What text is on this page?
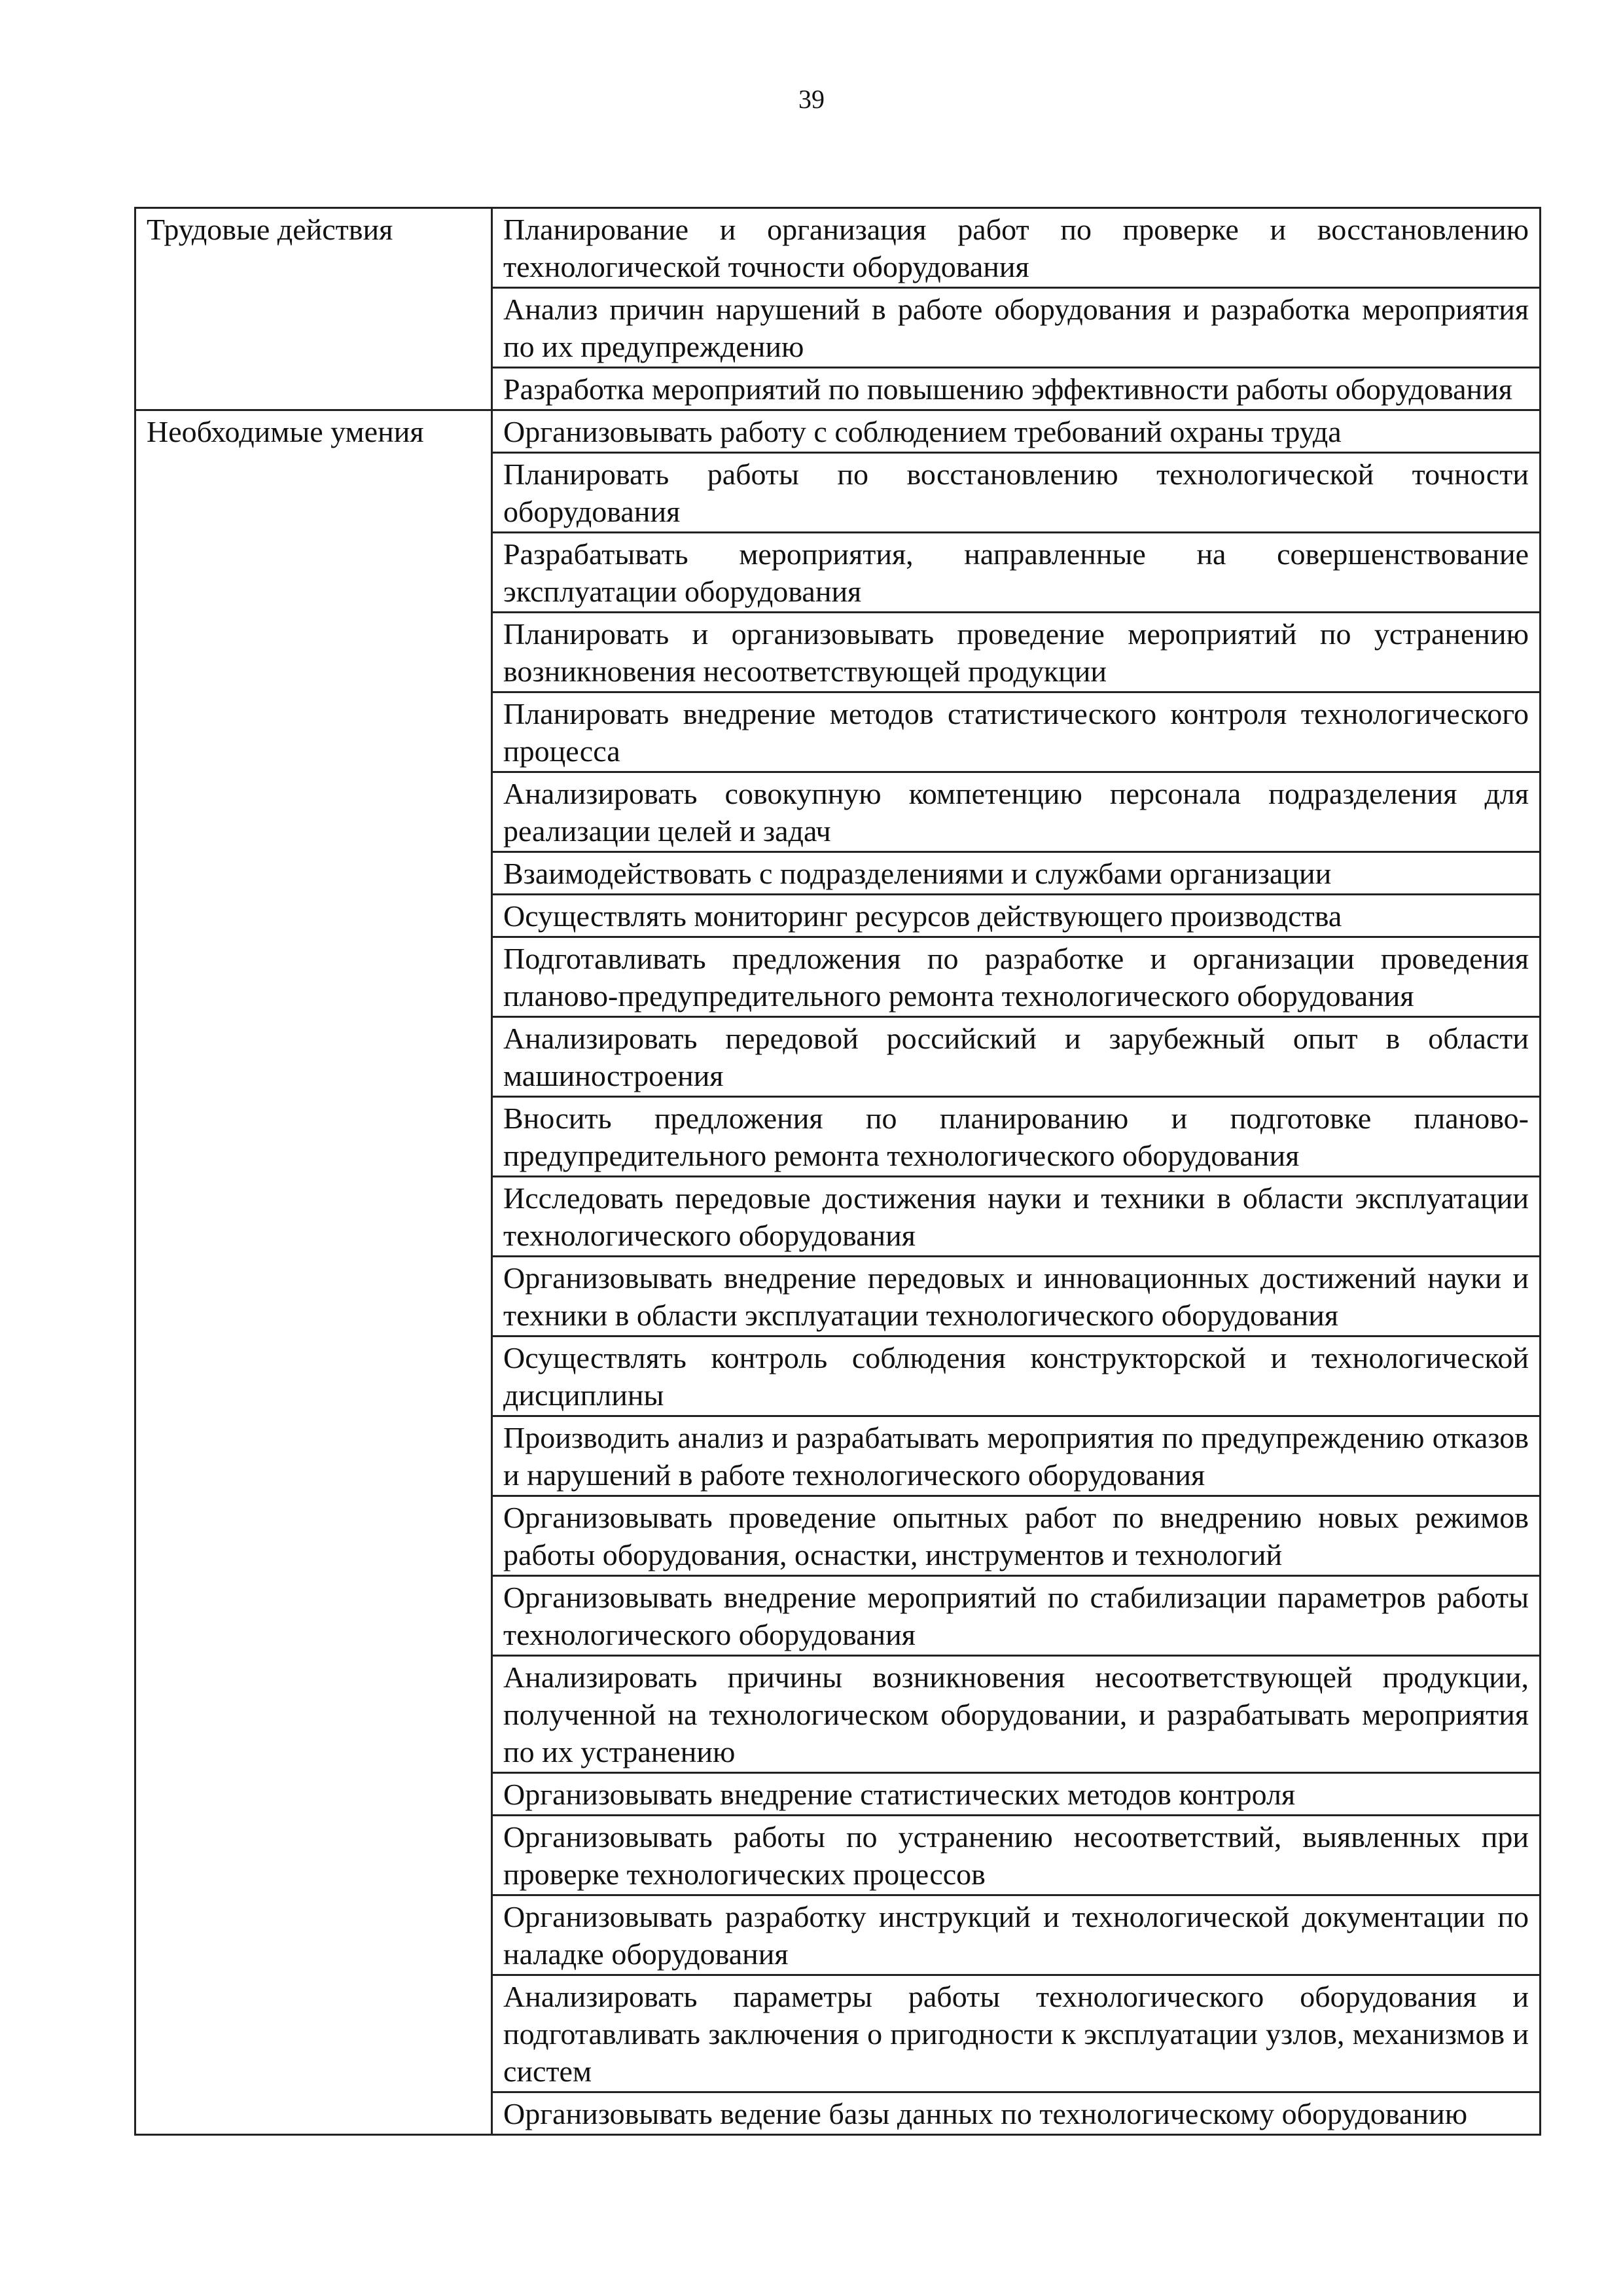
39
Трудовые действия	Планирование и организация работ по проверке и восстановлению технологической точности оборудования
	Анализ причин нарушений в работе оборудования и разработка мероприятия по их предупреждению
	Разработка мероприятий по повышению эффективности работы оборудования
Необходимые умения	Организовывать работу с соблюдением требований охраны труда
	Планировать работы по восстановлению технологической точности оборудования
	Разрабатывать мероприятия, направленные на совершенствование эксплуатации оборудования
	Планировать и организовывать проведение мероприятий по устранению возникновения несоответствующей продукции
	Планировать внедрение методов статистического контроля технологического процесса
	Анализировать совокупную компетенцию персонала подразделения для реализации целей и задач
	Взаимодействовать с подразделениями и службами организации
	Осуществлять мониторинг ресурсов действующего производства
	Подготавливать предложения по разработке и организации проведения планово-предупредительного ремонта технологического оборудования
	Анализировать передовой российский и зарубежный опыт в области машиностроения
	Вносить предложения по планированию и подготовке планово-предупредительного ремонта технологического оборудования
	Исследовать передовые достижения науки и техники в области эксплуатации технологического оборудования
	Организовывать внедрение передовых и инновационных достижений науки и техники в области эксплуатации технологического оборудования
	Осуществлять контроль соблюдения конструкторской и технологической дисциплины
	Производить анализ и разрабатывать мероприятия по предупреждению отказов и нарушений в работе технологического оборудования
	Организовывать проведение опытных работ по внедрению новых режимов работы оборудования, оснастки, инструментов и технологий
	Организовывать внедрение мероприятий по стабилизации параметров работы технологического оборудования
	Анализировать причины возникновения несоответствующей продукции, полученной на технологическом оборудовании, и разрабатывать мероприятия по их устранению
	Организовывать внедрение статистических методов контроля
	Организовывать работы по устранению несоответствий, выявленных при проверке технологических процессов
	Организовывать разработку инструкций и технологической документации по наладке оборудования
	Анализировать параметры работы технологического оборудования и подготавливать заключения о пригодности к эксплуатации узлов, механизмов и систем
	Организовывать ведение базы данных по технологическому оборудованию
